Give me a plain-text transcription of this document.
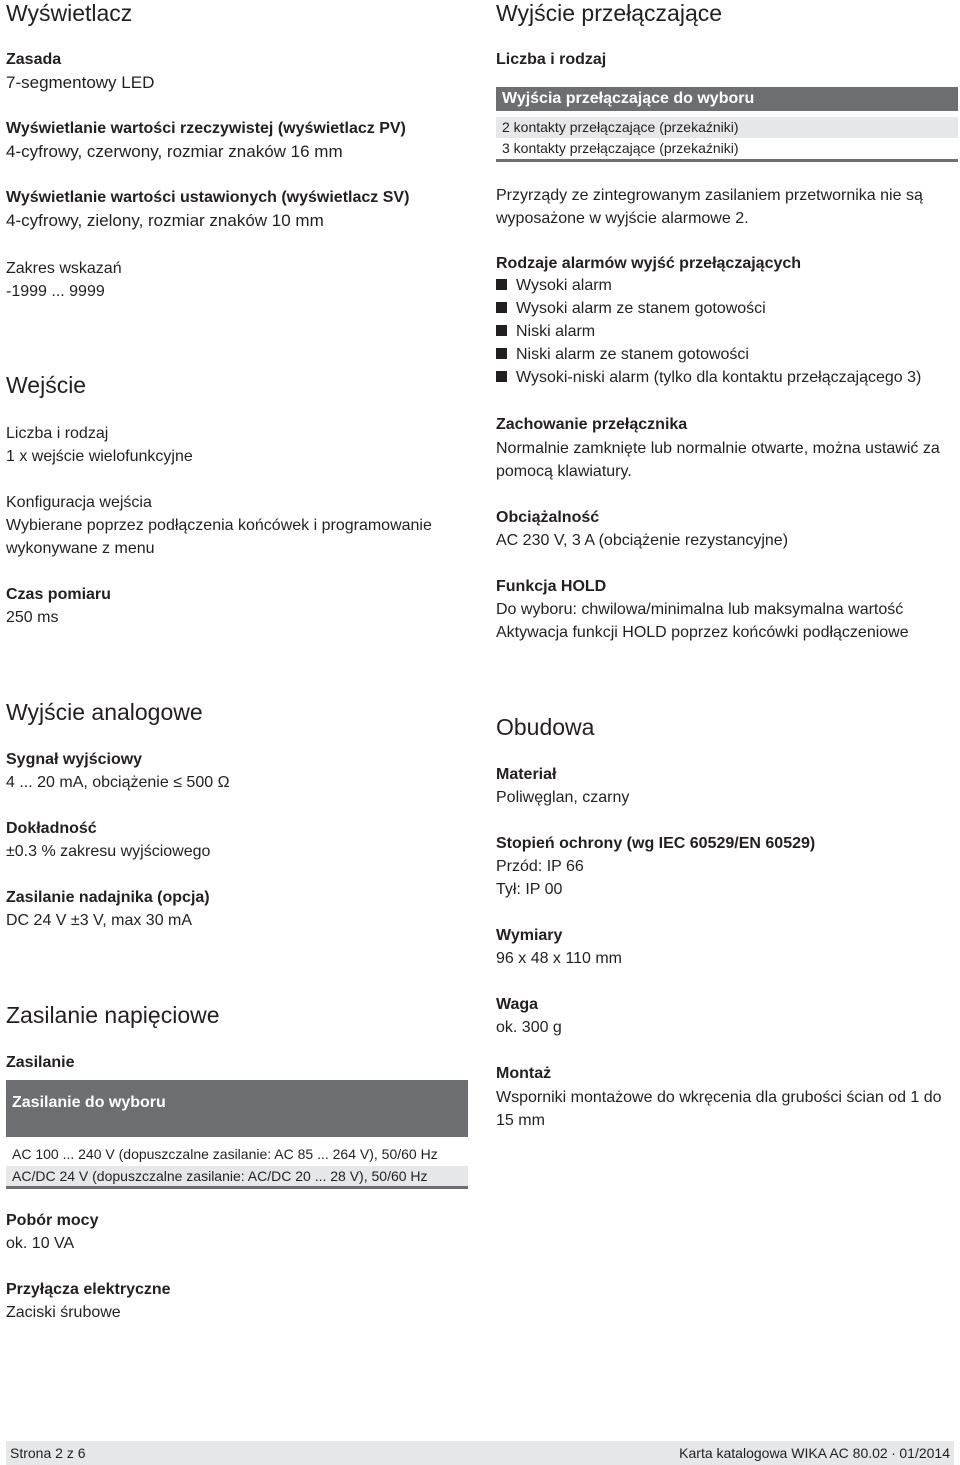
Wyświetlacz
Zasada
7-segmentowy LED
Wyświetlanie wartości rzeczywistej (wyświetlacz PV)
4-cyfrowy, czerwony, rozmiar znaków 16 mm
Wyświetlanie wartości ustawionych (wyświetlacz SV)
4-cyfrowy, zielony, rozmiar znaków 10 mm
Zakres wskazań
-1999 ... 9999
Wejście
Liczba i rodzaj
1 x wejście wielofunkcyjne
Konfiguracja wejścia
Wybierane poprzez podłączenia końcówek i programowanie wykonywane z menu
Czas pomiaru
250 ms
Wyjście analogowe
Sygnał wyjściowy
4 ... 20 mA, obciążenie ≤ 500 Ω
Dokładność
±0.3 % zakresu wyjściowego
Zasilanie nadajnika (opcja)
DC 24 V ±3 V, max 30 mA
Zasilanie napięciowe
Zasilanie
Zasilanie do wyboru
AC 100 ... 240 V (dopuszczalne zasilanie: AC 85 ... 264 V), 50/60 Hz
AC/DC 24 V (dopuszczalne zasilanie: AC/DC 20 ... 28 V), 50/60 Hz
Pobór mocy
ok. 10 VA
Przyłącza elektryczne
Zaciski śrubowe
Wyjście przełączające
Liczba i rodzaj
Wyjścia przełączające do wyboru
2 kontakty przełączające (przekaźniki)
3 kontakty przełączające (przekaźniki)
Przyrządy ze zintegrowanym zasilaniem przetwornika nie są wyposażone w wyjście alarmowe 2.
Rodzaje alarmów wyjść przełączających
Wysoki alarm
Wysoki alarm ze stanem gotowości
Niski alarm
Niski alarm ze stanem gotowości
Wysoki-niski alarm (tylko dla kontaktu przełączającego 3)
Zachowanie przełącznika
Normalnie zamknięte lub normalnie otwarte, można ustawić za pomocą klawiatury.
Obciążalność
AC 230 V, 3 A (obciążenie rezystancyjne)
Funkcja HOLD
Do wyboru: chwilowa/minimalna lub maksymalna wartość
Aktywacja funkcji HOLD poprzez końcówki podłączeniowe
Obudowa
Materiał
Poliwęglan, czarny
Stopień ochrony (wg IEC 60529/EN 60529)
Przód: IP 66
Tył: IP 00
Wymiary
96 x 48 x 110 mm
Waga
ok. 300 g
Montaż
Wsporniki montażowe do wkręcenia dla grubości ścian od 1 do 15 mm
Strona 2 z 6	Karta katalogowa WIKA AC 80.02 ∙ 01/2014
